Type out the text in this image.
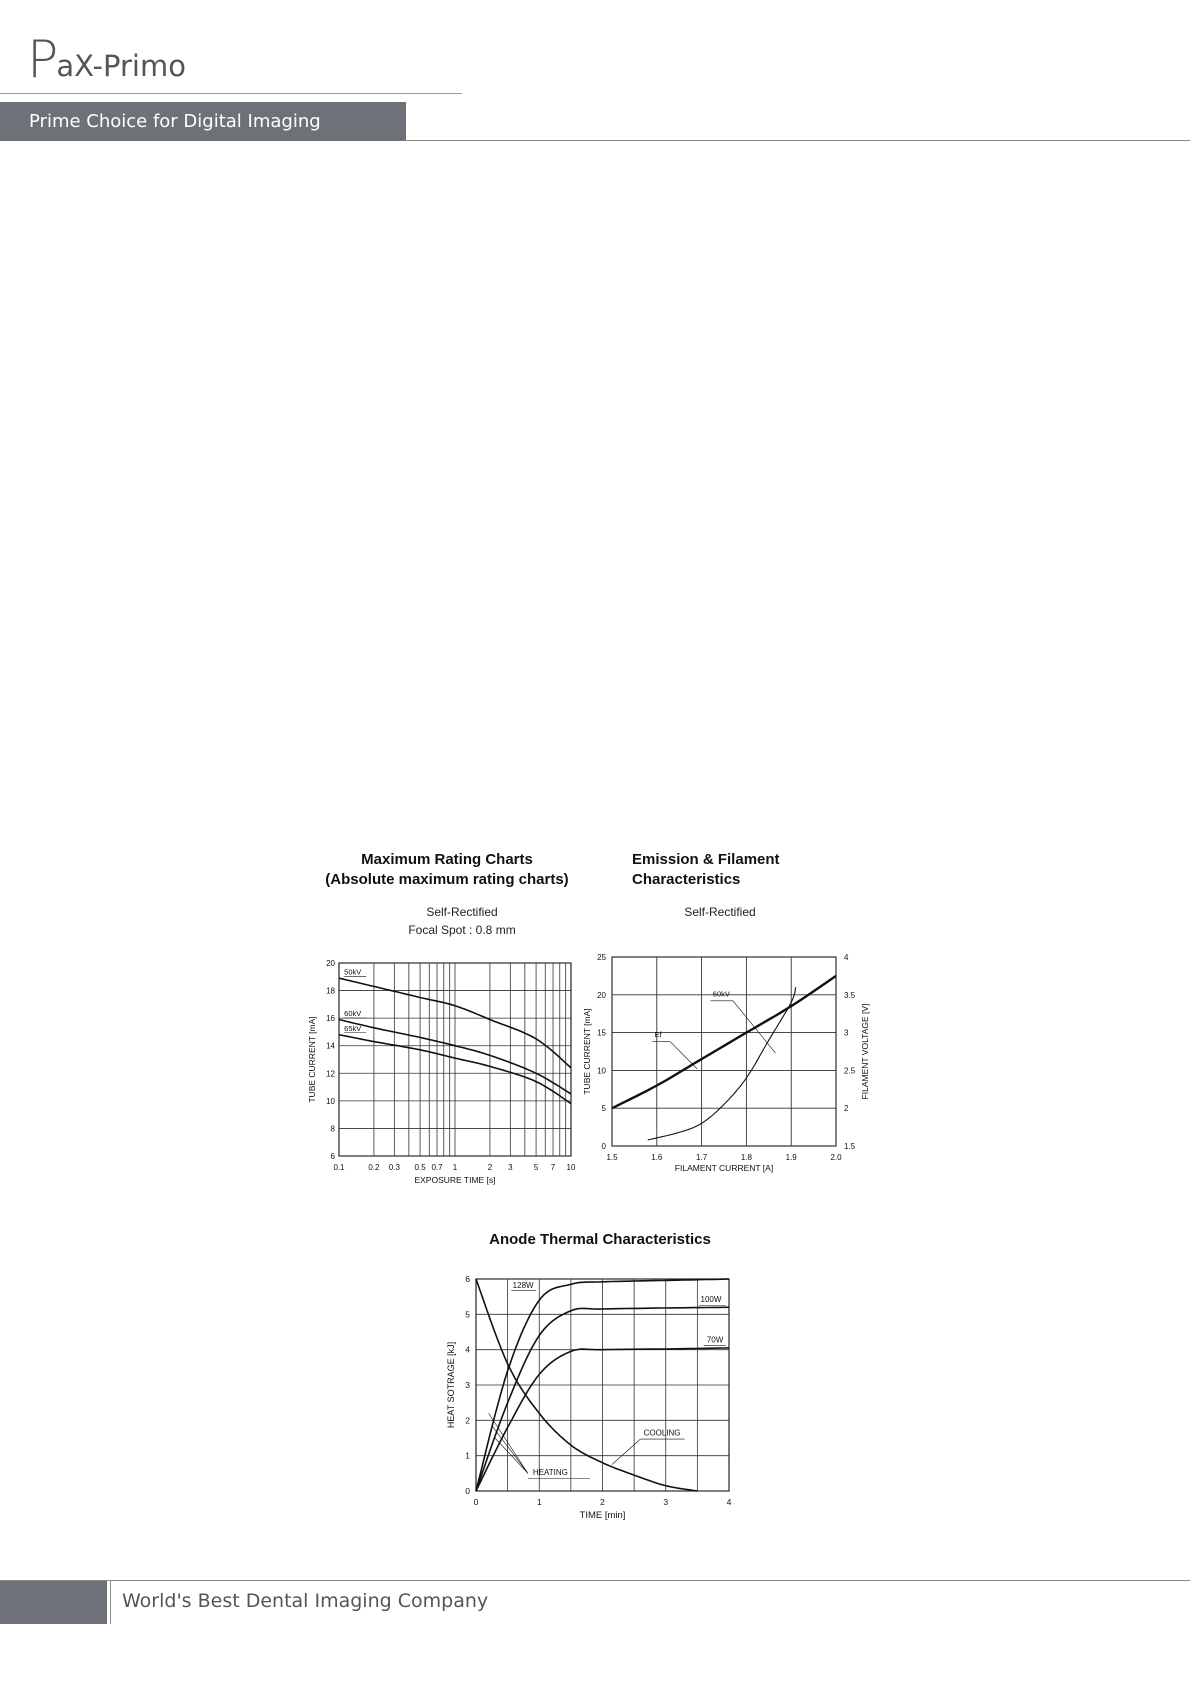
PaX-Primo
Prime Choice for Digital Imaging
Maximum Rating Charts
(Absolute maximum rating charts)
Self-Rectified
Focal Spot : 0.8 mm
Emission & Filament
Characteristics
Self-Rectified
Anode Thermal Characteristics
0.1	0.2 0.3 0.5 0.7 1	2 3	5 7 10
6
8
10
12
14
16
18
20
EXPOSURE TIME [s]
TUBE CURRENT [mA]
50kV
60kV
65kV
1.5	1.6	1.7	1.8	1.9	2.0
0
5
10
15
20
25
1.5
2
2.5
3
3.5
4
FILAMENT CURRENT [A]
TUBE CURRENT [mA]	FILAMENT VOLTAGE [V]
Ef
60kV
0	1	2	3	4
0
1
2
3
4
5
6
TIME [min]
HEAT SOTRAGE [kJ]
128W
100W
70W
COOLING
HEATING
World's Best Dental Imaging Company
